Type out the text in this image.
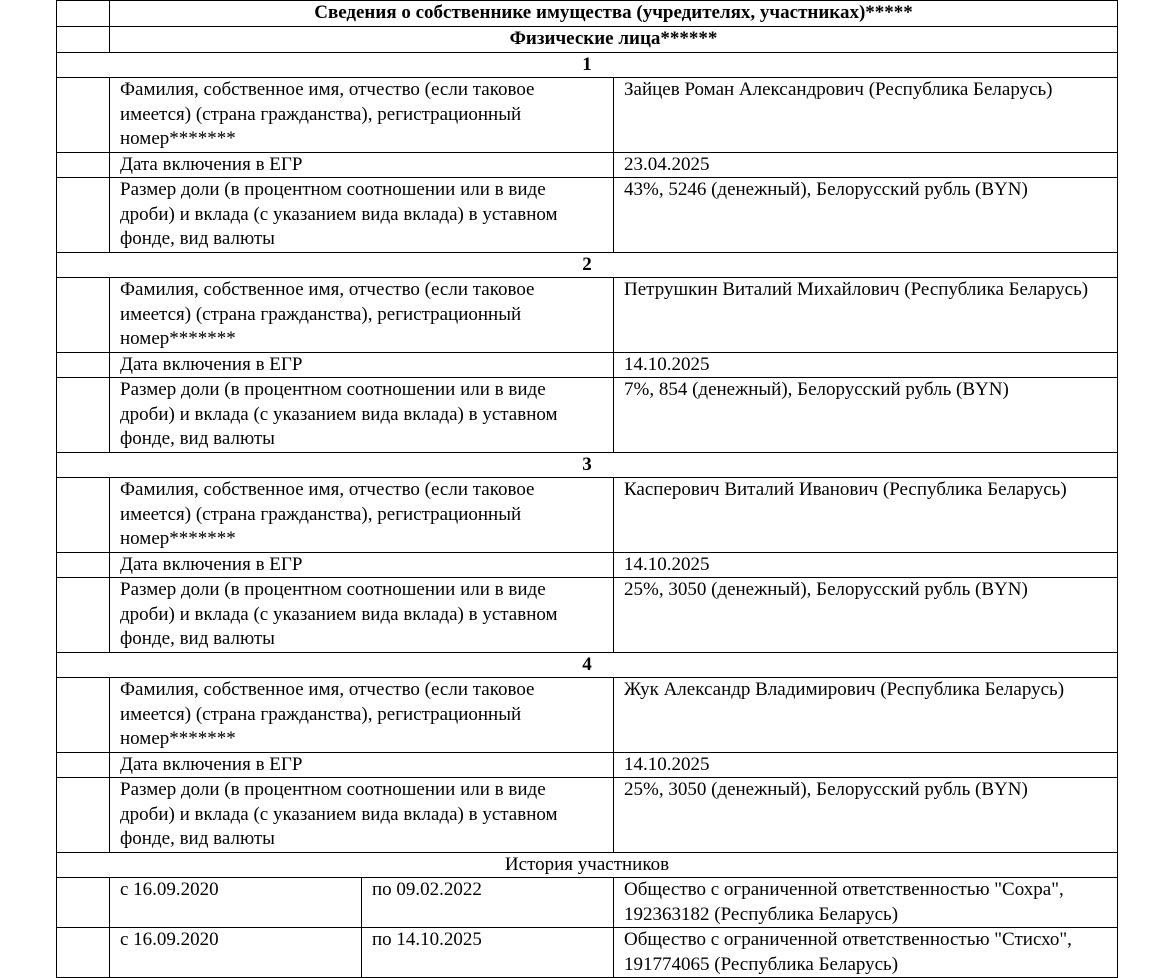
	Сведения о собственнике имущества (учредителях, участниках)*****		
	Физические лица******		
1			
	Фамилия, собственное имя, отчество (если таковое имеется) (страна гражданства), регистрационный номер*******		Зайцев Роман Александрович (Республика Беларусь)
	Дата включения в ЕГР		23.04.2025
	Размер доли (в процентном соотношении или в виде дроби) и вклада (с указанием вида вклада) в уставном фонде, вид валюты		43%, 5246 (денежный), Белорусский рубль (BYN)
2			
	Фамилия, собственное имя, отчество (если таковое имеется) (страна гражданства), регистрационный номер*******		Петрушкин Виталий Михайлович (Республика Беларусь)
	Дата включения в ЕГР		14.10.2025
	Размер доли (в процентном соотношении или в виде дроби) и вклада (с указанием вида вклада) в уставном фонде, вид валюты		7%, 854 (денежный), Белорусский рубль (BYN)
3			
	Фамилия, собственное имя, отчество (если таковое имеется) (страна гражданства), регистрационный номер*******		Касперович Виталий Иванович (Республика Беларусь)
	Дата включения в ЕГР		14.10.2025
	Размер доли (в процентном соотношении или в виде дроби) и вклада (с указанием вида вклада) в уставном фонде, вид валюты		25%, 3050 (денежный), Белорусский рубль (BYN)
4			
	Фамилия, собственное имя, отчество (если таковое имеется) (страна гражданства), регистрационный номер*******		Жук Александр Владимирович (Республика Беларусь)
	Дата включения в ЕГР		14.10.2025
	Размер доли (в процентном соотношении или в виде дроби) и вклада (с указанием вида вклада) в уставном фонде, вид валюты		25%, 3050 (денежный), Белорусский рубль (BYN)
История участников			
	с 16.09.2020	по 09.02.2022	Общество с ограниченной ответственностью "Сохра", 192363182 (Республика Беларусь)
	с 16.09.2020	по 14.10.2025	Общество с ограниченной ответственностью "Стисхо", 191774065 (Республика Беларусь)
